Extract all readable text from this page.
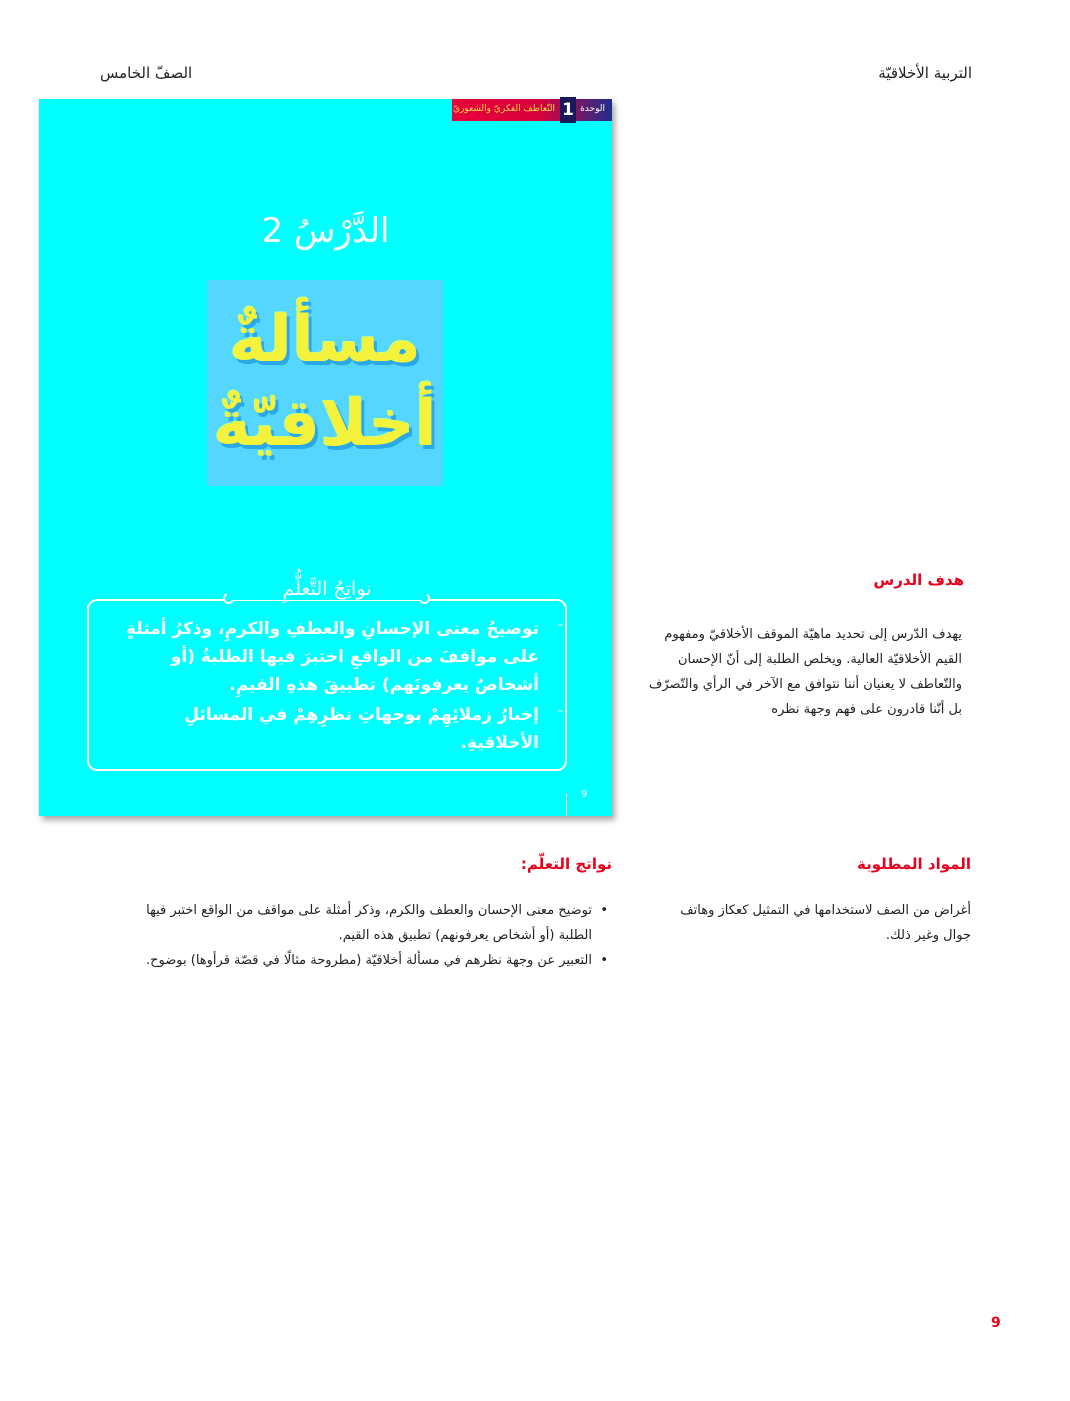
التربية الأخلاقيّة
الصفّ الخامس
الوحدة
1
التّعاطف الفكريّ والشعوريّ
الدَّرْسُ 2
مسألةٌ
أخلاقيّةٌ
نواتِجُ التَّعلُّمِ
-
توضيحُ معنى الإحسانِ والعطفِ والكرمِ، وذكرُ أمثلةٍ على مواقفَ من الواقعِ اختبرَ فيها الطلبةُ (أو أشخاصٌ يعرفونَهم) تطبيقَ هذهِ القيمِ.
-
إخبارُ زملائِهِمْ بوجهاتِ نظرِهِمْ في المسائلِ الأخلاقيةِ.
9
هدف الدرس
يهدف الدّرس إلى تحديد ماهيّة الموقف الأخلاقيّ ومفهوم القيم الأخلاقيّة العالية. ويخلص الطلبة إلى أنّ الإحسان والتّعاطف لا يعنيان أننا نتوافق مع الآخر في الرأي والتّصرّف بل أنّنا قادرون على فهم وجهة نظره
نواتج التعلّم:
• توضيح معنى الإحسان والعطف والكرم، وذكر أمثلة على مواقف من الواقع اختبر فيها الطلبة (أو أشخاص يعرفونهم) تطبيق هذه القيم.
• التعبير عن وجهة نظرهم في مسألة أخلاقيّة (مطروحة مثالًا في قصّة قرأوها) بوضوح.
المواد المطلوبة
أغراض من الصف لاستخدامها في التمثيل كعكاز وهاتف جوال وغير ذلك.
9
